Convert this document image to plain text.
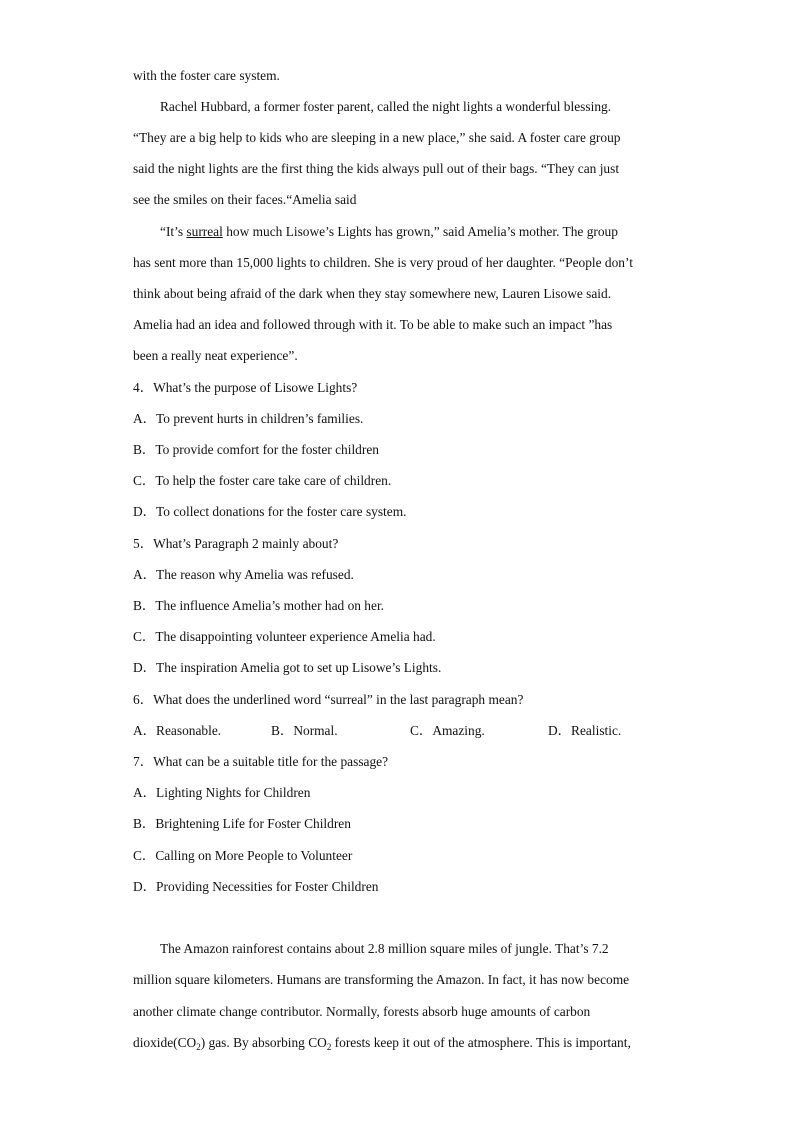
with the foster care system.
Rachel Hubbard, a former foster parent, called the night lights a wonderful blessing.
“They are a big help to kids who are sleeping in a new place,” she said. A foster care group
said the night lights are the first thing the kids always pull out of their bags. “They can just
see the smiles on their faces.“Amelia said
“It’s surreal how much Lisowe’s Lights has grown,” said Amelia’s mother. The group
has sent more than 15,000 lights to children. She is very proud of her daughter. “People don’t
think about being afraid of the dark when they stay somewhere new, Lauren Lisowe said.
Amelia had an idea and followed through with it. To be able to make such an impact ”has
been a really neat experience”.
4．What’s the purpose of Lisowe Lights?
A．To prevent hurts in children’s families.
B．To provide comfort for the foster children
C．To help the foster care take care of children.
D．To collect donations for the foster care system.
5．What’s Paragraph 2 mainly about?
A．The reason why Amelia was refused.
B．The influence Amelia’s mother had on her.
C．The disappointing volunteer experience Amelia had.
D．The inspiration Amelia got to set up Lisowe’s Lights.
6．What does the underlined word “surreal” in the last paragraph mean?
A．Reasonable.	B．Normal.	C．Amazing.	D．Realistic.
7．What can be a suitable title for the passage?
A．Lighting Nights for Children
B．Brightening Life for Foster Children
C．Calling on More People to Volunteer
D．Providing Necessities for Foster Children
The Amazon rainforest contains about 2.8 million square miles of jungle. That’s 7.2
million square kilometers. Humans are transforming the Amazon. In fact, it has now become
another climate change contributor. Normally, forests absorb huge amounts of carbon
$dioxide(CO_2)$ gas. By absorbing $CO_2$ forests keep it out of the atmosphere. This is important,
